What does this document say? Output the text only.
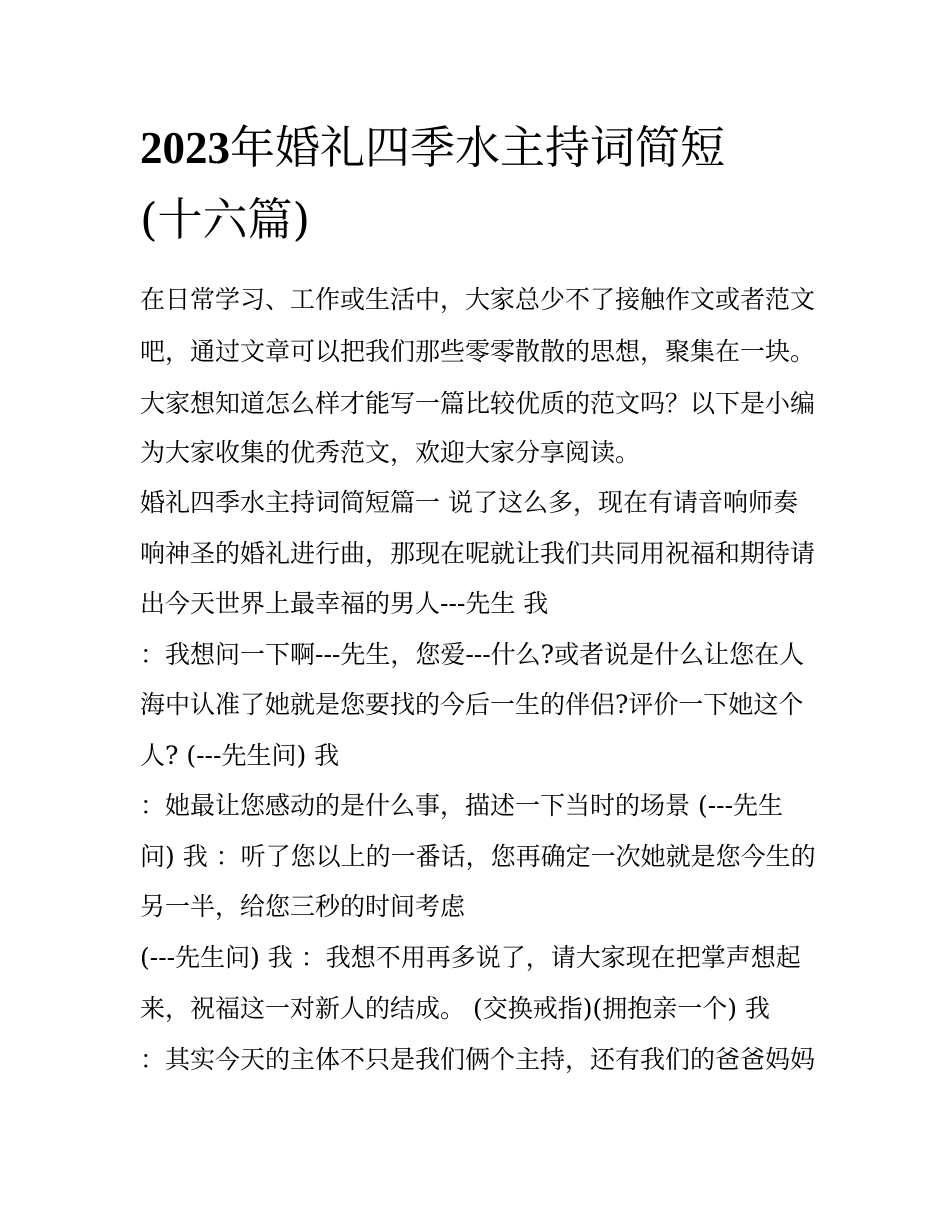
2023年婚礼四季水主持词简短
(十六篇)
在日常学习、工作或生活中，大家总少不了接触作文或者范文
吧，通过文章可以把我们那些零零散散的思想，聚集在一块。
大家想知道怎么样才能写一篇比较优质的范文吗？以下是小编
为大家收集的优秀范文，欢迎大家分享阅读。
婚礼四季水主持词简短篇一 说了这么多，现在有请音响师奏
响神圣的婚礼进行曲，那现在呢就让我们共同用祝福和期待请
出今天世界上最幸福的男人---先生 我
：我想问一下啊---先生，您爱---什么?或者说是什么让您在人
海中认准了她就是您要找的今后一生的伴侣?评价一下她这个
人? (---先生问) 我
：她最让您感动的是什么事，描述一下当时的场景 (---先生
问) 我 ：听了您以上的一番话，您再确定一次她就是您今生的
另一半，给您三秒的时间考虑
(---先生问) 我 ：我想不用再多说了，请大家现在把掌声想起
来，祝福这一对新人的结成。 (交换戒指)(拥抱亲一个) 我
：其实今天的主体不只是我们俩个主持，还有我们的爸爸妈妈
